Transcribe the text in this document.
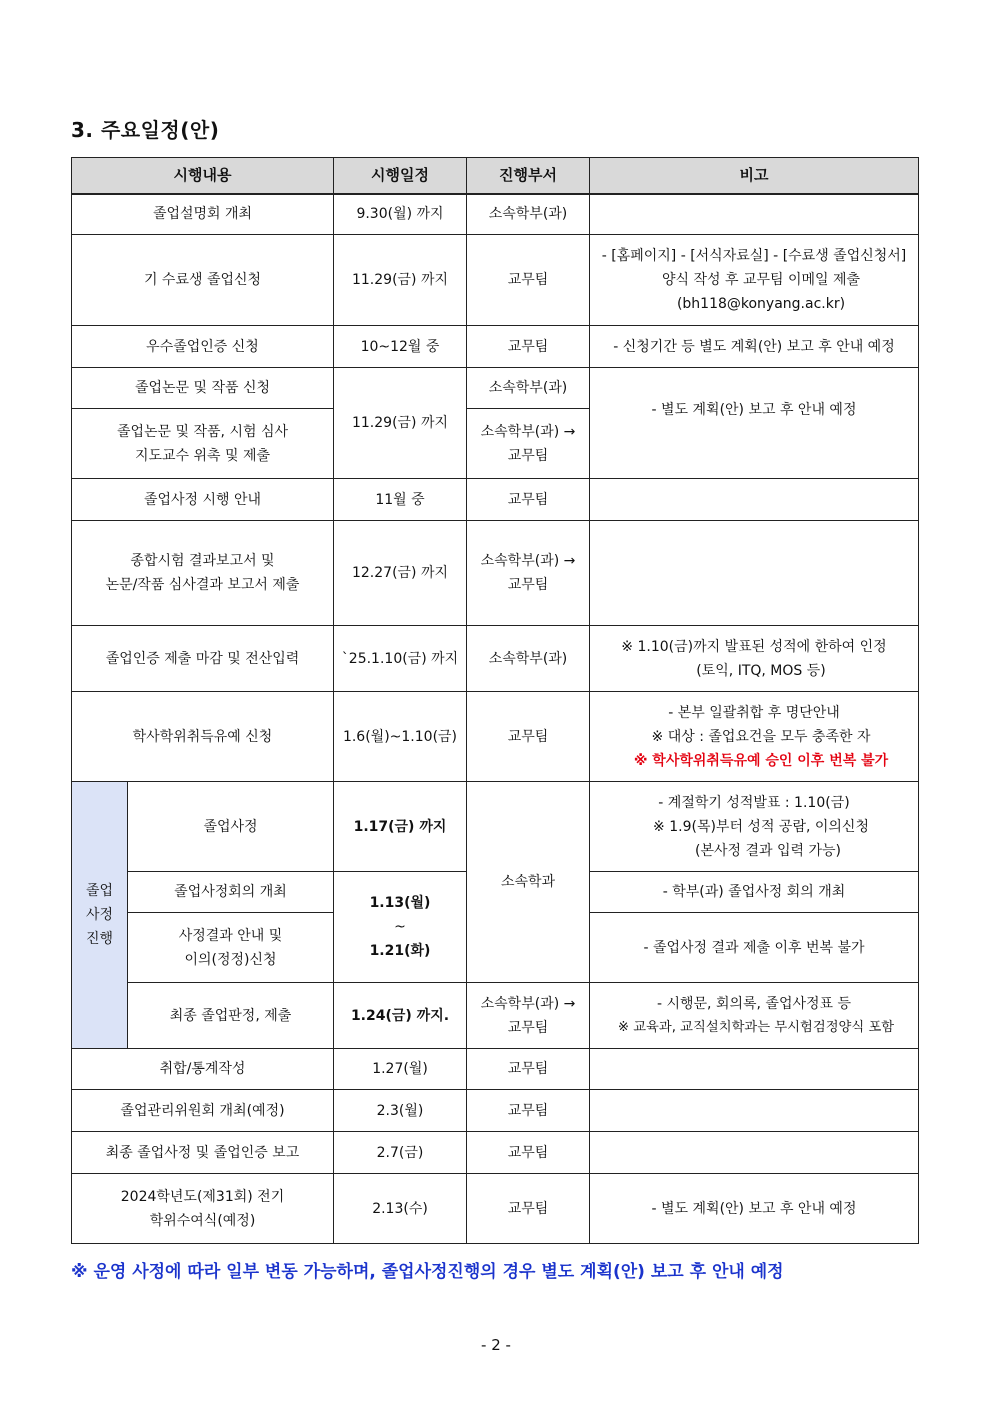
3. 주요일정(안)
시행내용		시행일정	진행부서	비고
졸업설명회 개최		9.30(월) 까지	소속학부(과)	
기 수료생 졸업신청		11.29(금) 까지	교무팀	- [홈페이지] - [서식자료실] - [수료생 졸업신청서]
양식 작성 후 교무팀 이메일 제출
(bh118@konyang.ac.kr)

우수졸업인증 신청		10~12월 중	교무팀	- 신청기간 등 별도 계획(안) 보고 후 안내 예정
졸업논문 및 작품 신청		11.29(금) 까지	소속학부(과)	- 별도 계획(안) 보고 후 안내 예정

졸업논문 및 작품, 시험 심사
지도교수 위촉 및 제출			소속학부(과) →
교무팀	

졸업사정 시행 안내		11월 중	교무팀	

종합시험 결과보고서 및
논문/작품 심사결과 보고서 제출		12.27(금) 까지	소속학부(과) →
교무팀	

졸업인증 제출 마감 및 전산입력		`25.1.10(금) 까지	소속학부(과)	※ 1.10(금)까지 발표된 성적에 한하여 인정
(토익, ITQ, MOS 등)

학사학위취득유예 신청		1.6(월)~1.10(금)	교무팀	- 본부 일괄취합 후 명단안내
※ 대상 : 졸업요건을 모두 충족한 자
※ 학사학위취득유예 승인 이후 번복 불가

졸업
사정
진행	졸업사정	1.17(금) 까지	소속학과	- 계절학기 성적발표 : 1.10(금)
※ 1.9(목)부터 성적 공람, 이의신청
(본사정 결과 입력 가능)

	졸업사정회의 개최	1.13(월)
~
1.21(화)		- 학부(과) 졸업사정 회의 개최

	사정결과 안내 및
이의(정정)신청			- 졸업사정 결과 제출 이후 번복 불가
	최종 졸업판정, 제출	1.24(금) 까지.	소속학부(과) →
교무팀	- 시행문, 회의록, 졸업사정표 등
※ 교육과, 교직설치학과는 무시험검정양식 포함

취합/통계작성		1.27(월)	교무팀	
졸업관리위원회 개최(예정)		2.3(월)	교무팀	
최종 졸업사정 및 졸업인증 보고		2.7(금)	교무팀	

2024학년도(제31회) 전기
학위수여식(예정)		2.13(수)	교무팀	- 별도 계획(안) 보고 후 안내 예정
※ 운영 사정에 따라 일부 변동 가능하며, 졸업사정진행의 경우 별도 계획(안) 보고 후 안내 예정
- 2 -
